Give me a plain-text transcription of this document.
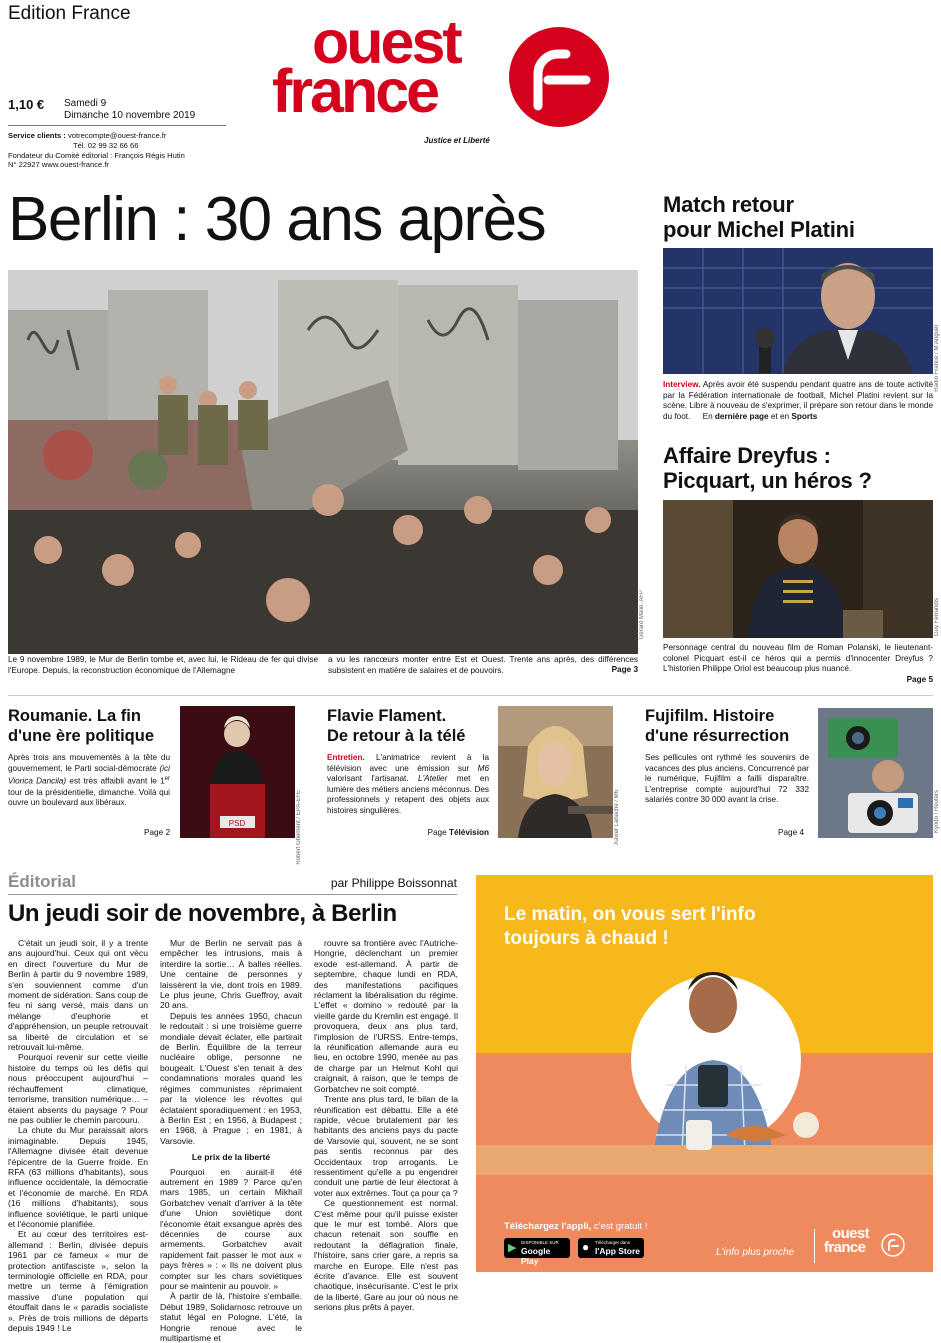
Edition France
1,10 € Samedi 9
Dimanche 10 novembre 2019
Service clients : votrecompte@ouest-france.fr
Tél. 02 99 32 66 66
Fondateur du Comité éditorial : François Régis Hutin
N° 22927 www.ouest-france.fr
ouest
france
Justice et Liberté
Berlin : 30 ans après
Gérard Malie. AFP
Le 9 novembre 1989, le Mur de Berlin tombe et, avec lui, le Rideau de fer qui divise l'Europe. Depuis, la reconstruction économique de l'Allemagne
a vu les rancœurs monter entre Est et Ouest. Trente ans après, des différences subsistent en matière de salaires et de pouvoirs.	Page 3
Match retour
pour Michel Platini
Radio France / M.Anguet
Interview. Après avoir été suspendu pendant quatre ans de toute activité par la Fédération internationale de football, Michel Platini revient sur la scène. Libre à nouveau de s'exprimer, il prépare son retour dans le monde du foot. En dernière page et en Sports
Affaire Dreyfus :
Picquart, un héros ?
Guy Ferrandis
Personnage central du nouveau film de Roman Polanski, le lieutenant-colonel Picquart est-il ce héros qui a permis d'innocenter Dreyfus ? L'historien Philippe Oriol est beaucoup plus nuancé.
Page 5
Roumanie. La fin
d'une ère politique
Après trois ans mouvementés à la tête du gouvernement, le Parti social-démocrate (ici Viorica Dancila) est très affaibli avant le 1er tour de la présidentielle, dimanche. Voilà qui ouvre un boulevard aux libéraux.
Page 2
PSD	Robert Ghement / EPA-EFE
Flavie Flament.
De retour à la télé
Entretien. L'animatrice revient à la télévision avec une émission sur M6 valorisant l'artisanat. L'Atelier met en lumière des métiers anciens méconnus. Des professionnels y retapent des objets aux histoires singulières.
Page Télévision	Xavier Lahache / M6
Fujifilm. Histoire
d'une résurrection
Ses pellicules ont rythmé les souvenirs de vacances des plus anciens. Concurrencé par le numérique, Fujifilm a failli disparaître. L'entreprise compte aujourd'hui 72 332 salariés contre 30 000 avant la crise.
Page 4	Kyodo / Reuters
Éditorial	par Philippe Boissonnat
Un jeudi soir de novembre, à Berlin

C'était un jeudi soir, il y a trente ans aujourd'hui. Ceux qui ont vécu en direct l'ouverture du Mur de Berlin à partir du 9 novembre 1989, s'en souviennent comme d'un moment de sidération. Sans coup de feu ni sang versé, mais dans un mélange d'euphorie et d'appréhension, un peuple retrouvait sa liberté de circulation et se retrouvait lui-même.

Pourquoi revenir sur cette vieille histoire du temps où les défis qui nous préoccupent aujourd'hui – réchauffement climatique, terrorisme, transition numérique… – étaient absents du paysage ? Pour ne pas oublier le chemin parcouru.

La chute du Mur paraissait alors inimaginable. Depuis 1945, l'Allemagne divisée était devenue l'épicentre de la Guerre froide. En RFA (63 millions d'habitants), sous influence occidentale, la démocratie et l'économie de marché. En RDA (16 millions d'habitants), sous influence soviétique, le parti unique et l'économie planifiée.

Et au cœur des territoires est-allemand : Berlin, divisée depuis 1961 par ce fameux « mur de protection antifasciste », selon la terminologie officielle en RDA, pour mettre un terme à l'émigration massive d'une population qui étouffait dans le « paradis socialiste ». Près de trois millions de départs depuis 1949 ! Le

Mur de Berlin ne servait pas à empêcher les intrusions, mais à interdire la sortie… À balles réelles. Une centaine de personnes y laissèrent la vie, dont trois en 1989. Le plus jeune, Chris Gueffroy, avait 20 ans.

Depuis les années 1950, chacun le redoutait : si une troisième guerre mondiale devait éclater, elle partirait de Berlin. Équilibre de la terreur nucléaire oblige, personne ne bougeait. L'Ouest s'en tenait à des condamnations morales quand les régimes communistes réprimaient par la violence les révoltes qui éclataient sporadiquement : en 1953, à Berlin Est ; en 1956, à Budapest ; en 1968, à Prague ; en 1981, à Varsovie.

Le prix de la liberté

Pourquoi en aurait-il été autrement en 1989 ? Parce qu'en mars 1985, un certain Mikhaïl Gorbatchev venait d'arriver à la tête d'une Union soviétique dont l'économie était exsangue après des décennies de course aux armements. Gorbatchev avait rapidement fait passer le mot aux « pays frères » : « Ils ne doivent plus compter sur les chars soviétiques pour se maintenir au pouvoir. »

À partir de là, l'histoire s'emballe. Début 1989, Solidarnosc retrouve un statut légal en Pologne. L'été, la Hongrie renoue avec le multipartisme et

rouvre sa frontière avec l'Autriche-Hongrie, déclenchant un premier exode est-allemand. À partir de septembre, chaque lundi en RDA, des manifestations pacifiques réclament la libéralisation du régime. L'effet « domino » redouté par la vieille garde du Kremlin est engagé. Il provoquera, deux ans plus tard, l'implosion de l'URSS. Entre-temps, la réunification allemande aura eu lieu, en octobre 1990, menée au pas de charge par un Helmut Kohl qui craignait, à raison, que le temps de Gorbatchev ne soit compté.

Trente ans plus tard, le bilan de la réunification est débattu. Elle a été rapide, vécue brutalement par les habitants des anciens pays du pacte de Varsovie qui, souvent, ne se sont pas sentis reconnus par des Occidentaux trop arrogants. Le ressentiment qu'elle a pu engendrer conduit une partie de leur électorat à voter aux extrêmes. Tout ça pour ça ?

Ce questionnement est normal. C'est même pour qu'il puisse exister que le mur est tombé. Alors que chacun retenait son souffle en redoutant la déflagration finale, l'histoire, sans crier gare, a repris sa marche en Europe. Elle n'est pas écrite d'avance. Elle est souvent chaotique, insécurisante. C'est le prix de la liberté. Gare au jour où nous ne serions plus prêts à payer.

Le matin, on vous sert l'info
toujours à chaud !
Téléchargez l'appli, c'est gratuit !
▶ DISPONIBLE SUR
Google Play
● Télécharger dans
l'App Store	L'info plus proche
ouest
france
